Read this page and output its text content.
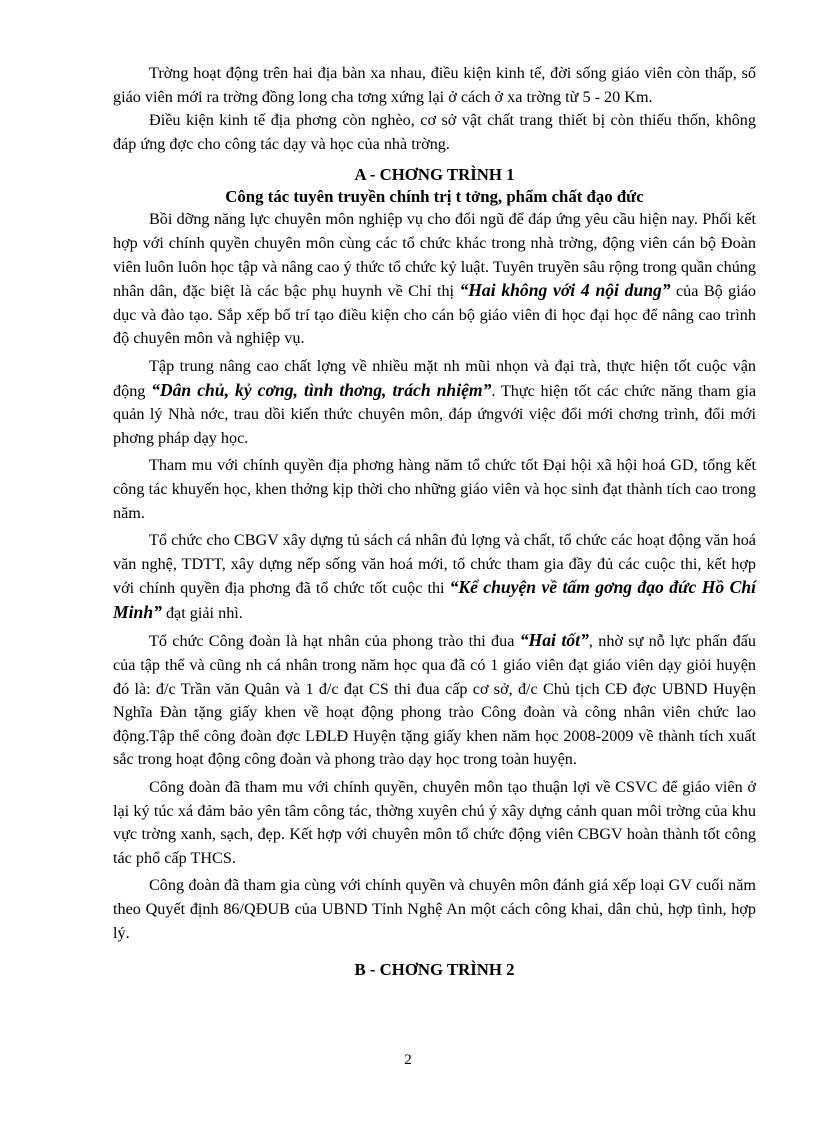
Trờng hoạt động trên hai địa bàn xa nhau, điều kiện kinh tế, đời sống giáo viên còn thấp, số giáo viên mới ra trờng đồng long cha tơng xứng lại ở cách ở xa trờng từ 5 - 20 Km.

Điều kiện kinh tế địa phơng còn nghèo, cơ sở vật chất trang thiết bị còn thiếu thốn, không đáp ứng đợc cho công tác dạy và học của nhà trờng.

A - CHƠNG TRÌNH 1
Công tác tuyên truyền chính trị t tởng, phẩm chất đạo đức

Bồi dỡng năng lực chuyên môn nghiệp vụ cho đổi ngũ để đáp ứng yêu cầu hiện nay. Phối kết hợp với chính quyền chuyên môn cùng các tổ chức khác trong nhà trờng, động viên cán bộ Đoàn viên luôn luôn học tập và nâng cao ý thức tổ chức kỷ luật. Tuyên truyền sâu rộng trong quần chúng nhân dân, đặc biệt là các bậc phụ huynh về Chỉ thị “Hai không với 4 nội dung” của Bộ giáo dục và đào tạo. Sắp xếp bố trí tạo điều kiện cho cán bộ giáo viên đi học đại học để nâng cao trình độ chuyên môn và nghiệp vụ.

Tập trung nâng cao chất lợng về nhiều mặt nh mũi nhọn và đại trà, thực hiện tốt cuộc vận động “Dân chủ, kỷ cơng, tình thơng, trách nhiệm”. Thực hiện tốt các chức năng tham gia quản lý Nhà nớc, trau dồi kiến thức chuyên môn, đáp ứngvới việc đổi mới chơng trình, đổi mới phơng pháp dạy học.

Tham mu với chính quyền địa phơng hàng năm tổ chức tốt Đại hội xã hội hoá GD, tổng kết công tác khuyến học, khen thởng kịp thời cho những giáo viên và học sinh đạt thành tích cao trong năm.

Tổ chức cho CBGV xây dựng tủ sách cá nhân đủ lợng và chất, tổ chức các hoạt động văn hoá văn nghệ, TDTT, xây dựng nếp sống văn hoá mới, tổ chức tham gia đầy đủ các cuộc thi, kết hợp với chính quyền địa phơng đã tổ chức tốt cuộc thi “Kể chuyện về tấm gơng đạo đức Hồ Chí Minh” đạt giải nhì.

Tổ chức Công đoàn là hạt nhân của phong trào thi đua “Hai tốt”, nhờ sự nỗ lực phấn đấu của tập thể và cũng nh cá nhân trong năm học qua đã có 1 giáo viên đạt giáo viên dạy giỏi huyện đó là: đ/c Trần văn Quân và 1 đ/c đạt CS thi đua cấp cơ sở, đ/c Chủ tịch CĐ đợc UBND Huyện Nghĩa Đàn tặng giấy khen về hoạt động phong trào Công đoàn và công nhân viên chức lao động.Tập thể công đoàn đợc LĐLĐ Huyện tặng giấy khen năm học 2008-2009 về thành tích xuất sắc trong hoạt động công đoàn và phong trào dạy học trong toàn huyện.

Công đoàn đã tham mu với chính quyền, chuyên môn tạo thuận lợi về CSVC để giáo viên ở lại ký túc xá đảm bảo yên tâm công tác, thờng xuyên chú ý xây dựng cảnh quan môi trờng của khu vực trờng xanh, sạch, đẹp. Kết hợp với chuyên môn tổ chức động viên CBGV hoàn thành tốt công tác phổ cấp THCS.

Công đoàn đã tham gia cùng với chính quyền và chuyên môn đánh giá xếp loại GV cuối năm theo Quyết định 86/QĐUB của UBND Tỉnh Nghệ An một cách công khai, dân chủ, hợp tình, hợp lý.

B - CHƠNG TRÌNH 2
2
